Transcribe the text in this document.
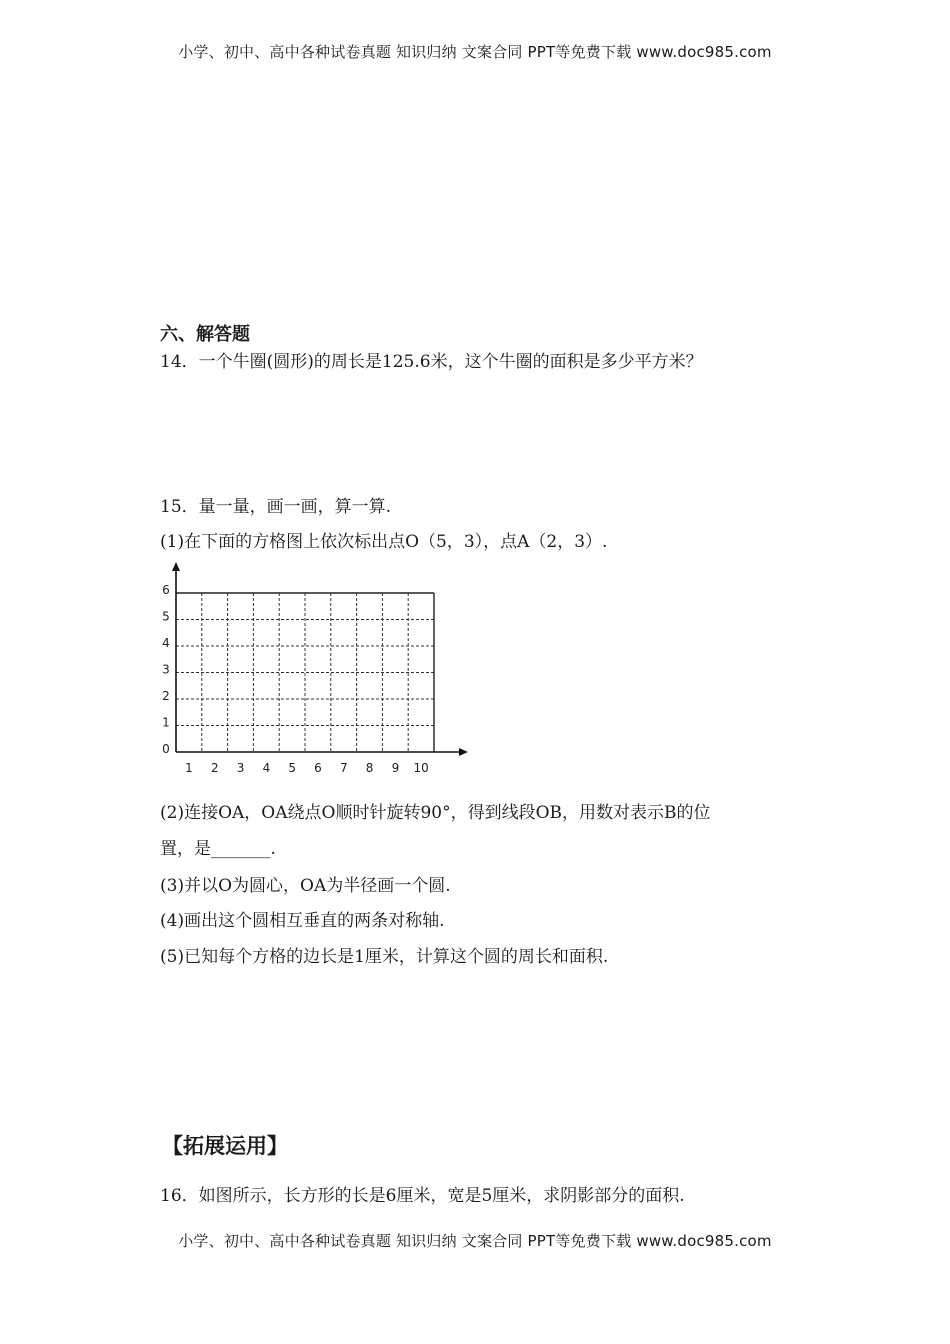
小学、初中、高中各种试卷真题 知识归纳 文案合同 PPT等免费下载 www.doc985.com
六、解答题
14．一个牛圈(圆形)的周长是125.6米，这个牛圈的面积是多少平方米？
15．量一量，画一画，算一算.
(1)在下面的方格图上依次标出点O（5，3），点A（2，3）.
1 2 3 4 5 6 7 8 9 10
0
1
2
3
4
5
6
(2)连接OA，OA绕点O顺时针旋转90°，得到线段OB，用数对表示B的位
置，是_______.
(3)并以O为圆心，OA为半径画一个圆.
(4)画出这个圆相互垂直的两条对称轴.
(5)已知每个方格的边长是1厘米，计算这个圆的周长和面积.
【拓展运用】
16．如图所示，长方形的长是6厘米，宽是5厘米，求阴影部分的面积.
小学、初中、高中各种试卷真题 知识归纳 文案合同 PPT等免费下载 www.doc985.com
